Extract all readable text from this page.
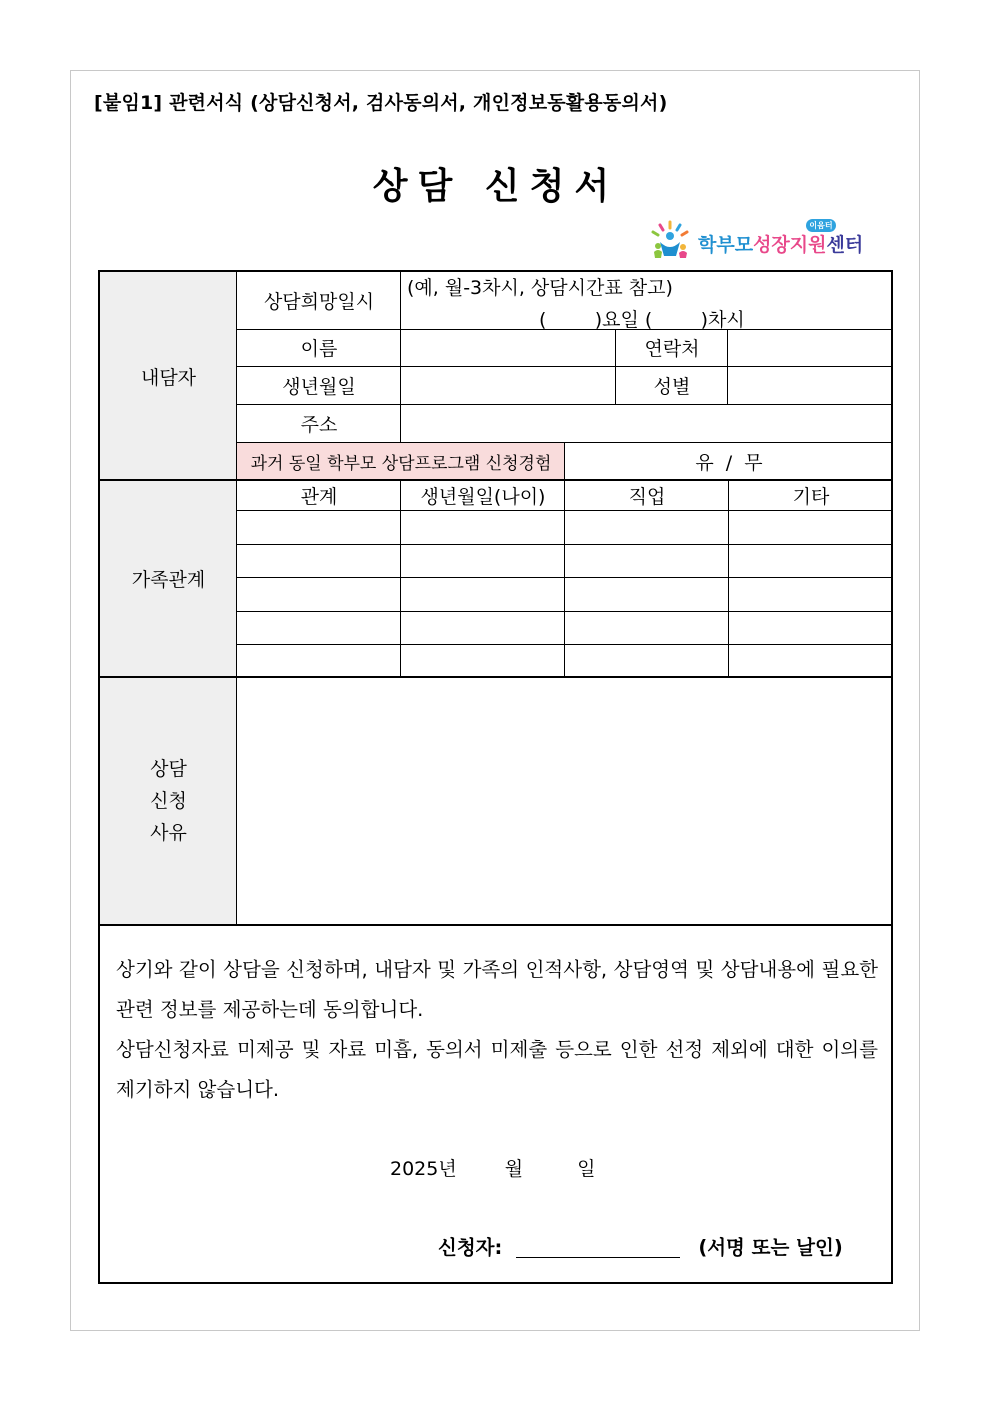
[붙임1] 관련서식 (상담신청서, 검사동의서, 개인정보동활용동의서)
상담 신청서
학부모성장지원센터
이음터
내담자
가족관계
상담
신청
사유
상담희망일시
(예, 월-3차시, 상담시간표 참고)
(        )요일 (        )차시
이름	연락처
생년월일	성별
주소
과거 동일 학부모 상담프로그램 신청경험	유  /  무
관계	생년월일(나이)	직업	기타

상기와 같이 상담을 신청하며, 내담자 및 가족의 인적사항, 상담영역 및 상담내용에 필요한 관련 정보를 제공하는데 동의합니다.

상담신청자료 미제공 및 자료 미흡, 동의서 미제출 등으로 인한 선정 제외에 대한 이의를 제기하지 않습니다.

2025년	월	일
신청자:	(서명 또는 날인)
